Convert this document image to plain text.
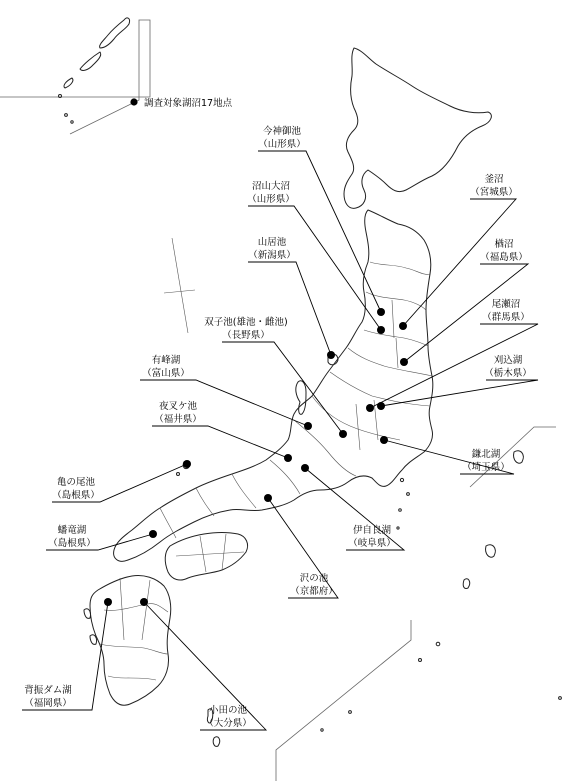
調査対象湖沼17地点
今神御池
（山形県）
沼山大沼
（山形県）
山居池
（新潟県）
双子池(雄池・雌池)
（長野県）
有峰湖
（富山県）
夜叉ケ池
（福井県）
亀の尾池
（島根県）
蟠竜湖
（島根県）
背振ダム湖
（福岡県）
小田の池
（大分県）
沢の池
（京都府）
伊自良湖
（岐阜県）
鎌北湖
（埼玉県）
刈込湖
（栃木県）
尾瀬沼
（群馬県）
楢沼
（福島県）
釜沼
（宮城県）
